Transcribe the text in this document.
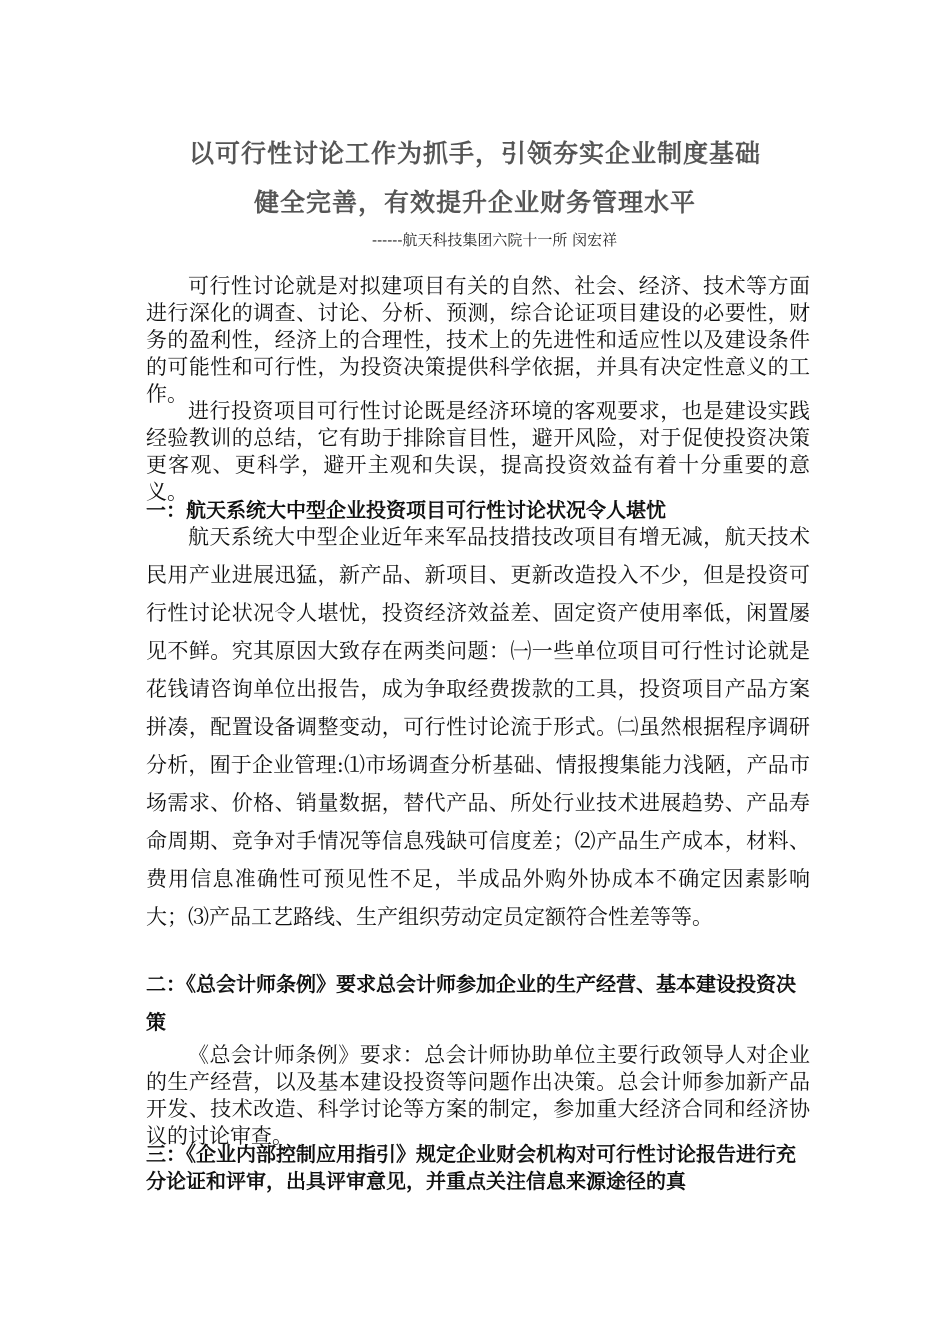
以可行性讨论工作为抓手，引领夯实企业制度基础
健全完善，有效提升企业财务管理水平

------航天科技集团六院十一所 闵宏祥

可行性讨论就是对拟建项目有关的自然、社会、经济、技术等方面进行深化的调查、讨论、分析、预测，综合论证项目建设的必要性，财务的盈利性，经济上的合理性，技术上的先进性和适应性以及建设条件的可能性和可行性，为投资决策提供科学依据，并具有决定性意义的工作。

进行投资项目可行性讨论既是经济环境的客观要求，也是建设实践经验教训的总结，它有助于排除盲目性，避开风险，对于促使投资决策更客观、更科学，避开主观和失误，提高投资效益有着十分重要的意义。

一：航天系统大中型企业投资项目可行性讨论状况令人堪忧

航天系统大中型企业近年来军品技措技改项目有增无减，航天技术民用产业进展迅猛，新产品、新项目、更新改造投入不少，但是投资可行性讨论状况令人堪忧，投资经济效益差、固定资产使用率低，闲置屡见不鲜。究其原因大致存在两类问题：㈠一些单位项目可行性讨论就是花钱请咨询单位出报告，成为争取经费拨款的工具，投资项目产品方案拼凑，配置设备调整变动，可行性讨论流于形式。㈡虽然根据程序调研分析，囿于企业管理:⑴市场调查分析基础、情报搜集能力浅陋，产品市场需求、价格、销量数据，替代产品、所处行业技术进展趋势、产品寿命周期、竞争对手情况等信息残缺可信度差；⑵产品生产成本，材料、费用信息准确性可预见性不足，半成品外购外协成本不确定因素影响大；⑶产品工艺路线、生产组织劳动定员定额符合性差等等。

二：《总会计师条例》要求总会计师参加企业的生产经营、基本建设投资决策

《总会计师条例》要求：总会计师协助单位主要行政领导人对企业的生产经营，以及基本建设投资等问题作出决策。总会计师参加新产品开发、技术改造、科学讨论等方案的制定，参加重大经济合同和经济协议的讨论审查。

三：《企业内部控制应用指引》规定企业财会机构对可行性讨论报告进行充分论证和评审，出具评审意见，并重点关注信息来源途径的真
